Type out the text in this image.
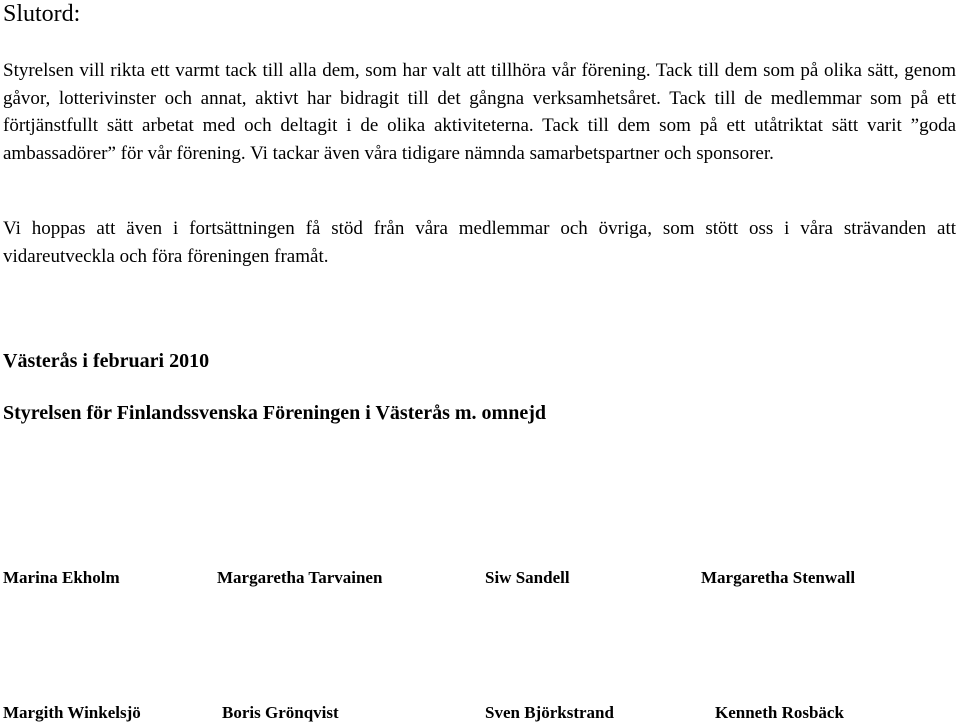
Slutord:

Styrelsen vill rikta ett varmt tack till alla dem, som har valt att tillhöra vår förening. Tack till dem som på olika sätt, genom gåvor, lotterivinster och annat, aktivt har bidragit till det gångna verksamhetsåret. Tack till de medlemmar som på ett förtjänstfullt sätt arbetat med och deltagit i de olika aktiviteterna. Tack till dem som på ett utåtriktat sätt varit ”goda ambassadörer” för vår förening. Vi tackar även våra tidigare nämnda samarbetspartner och sponsorer.

Vi hoppas att även i fortsättningen få stöd från våra medlemmar och övriga, som stött oss i våra strävanden att vidareutveckla och föra föreningen framåt.

Västerås i februari 2010

Styrelsen för Finlandssvenska Föreningen i Västerås m. omnejd

Marina Ekholm	Margaretha Tarvainen	Siw Sandell	Margaretha Stenwall
Margith Winkelsjö	Boris Grönqvist	Sven Björkstrand	Kenneth Rosbäck
